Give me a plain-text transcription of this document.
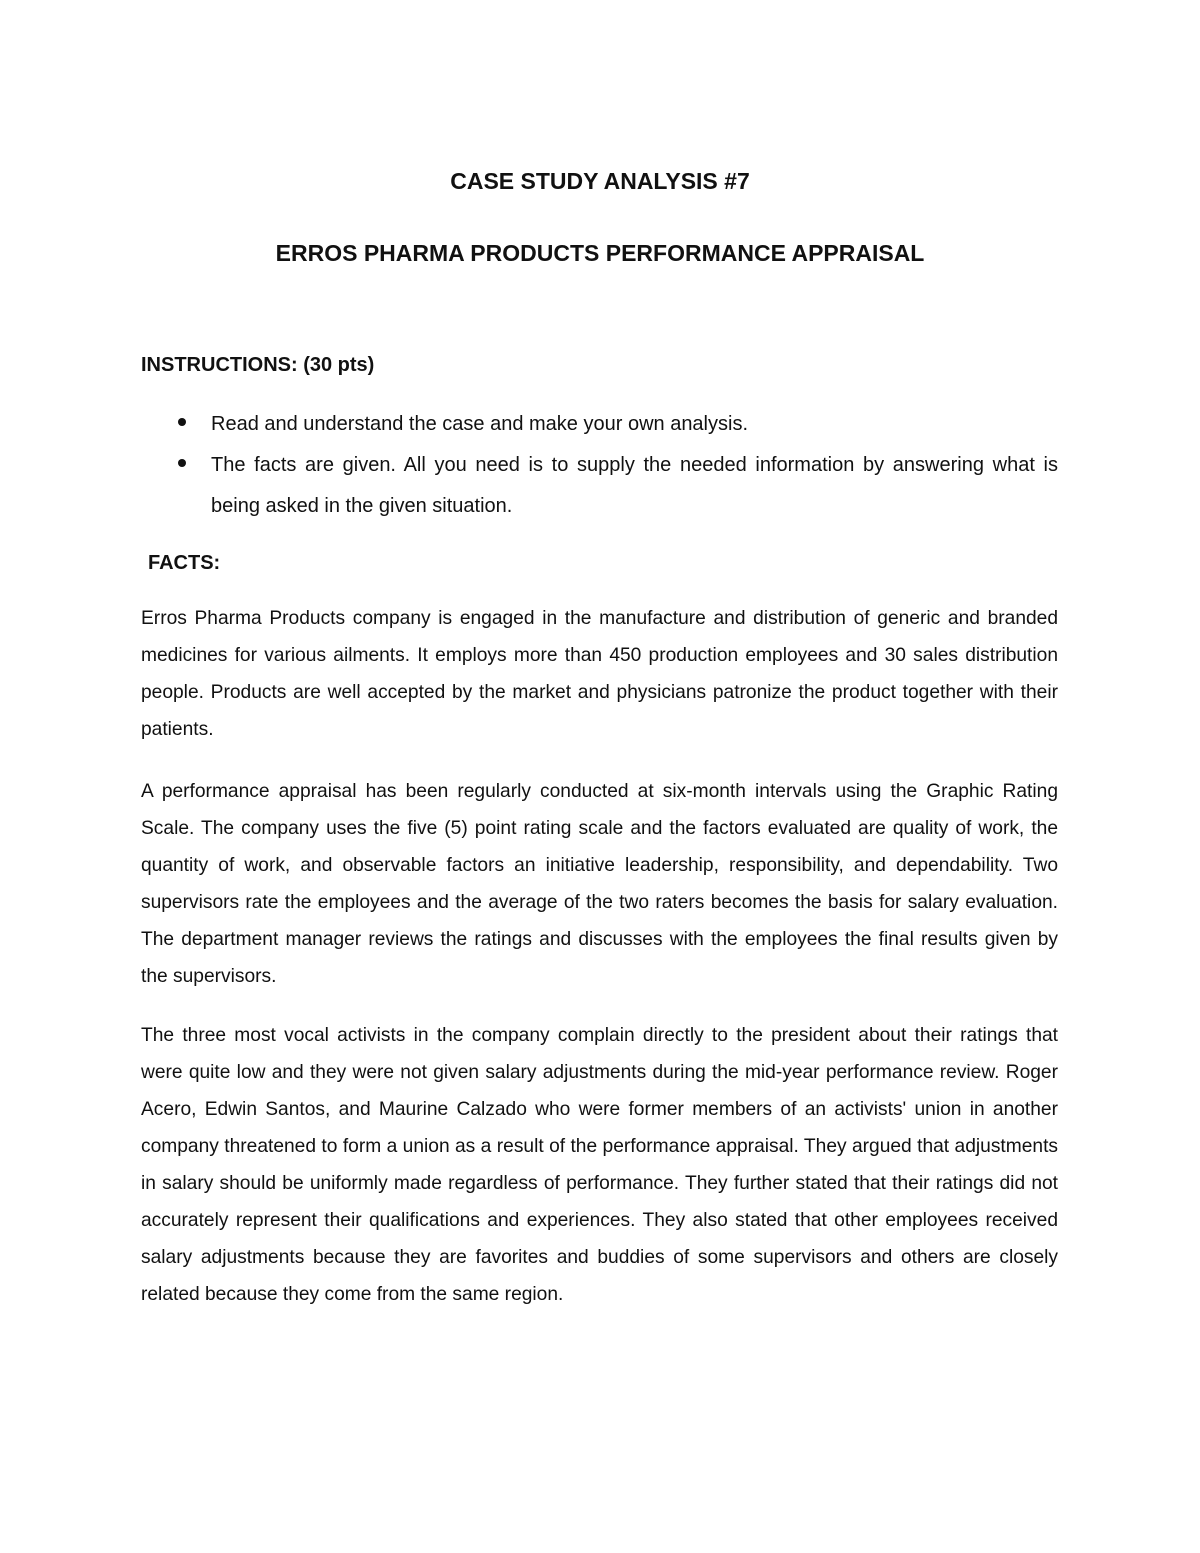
CASE STUDY ANALYSIS #7
ERROS PHARMA PRODUCTS PERFORMANCE APPRAISAL
INSTRUCTIONS: (30 pts)
Read and understand the case and make your own analysis.
The facts are given. All you need is to supply the needed information by answering what is being asked in the given situation.
FACTS:

Erros Pharma Products company is engaged in the manufacture and distribution of generic and branded medicines for various ailments. It employs more than 450 production employees and 30 sales distribution people. Products are well accepted by the market and physicians patronize the product together with their patients.

A performance appraisal has been regularly conducted at six-month intervals using the Graphic Rating Scale. The company uses the five (5) point rating scale and the factors evaluated are quality of work, the quantity of work, and observable factors an initiative leadership, responsibility, and dependability. Two supervisors rate the employees and the average of the two raters becomes the basis for salary evaluation. The department manager reviews the ratings and discusses with the employees the final results given by the supervisors.

The three most vocal activists in the company complain directly to the president about their ratings that were quite low and they were not given salary adjustments during the mid-year performance review. Roger Acero, Edwin Santos, and Maurine Calzado who were former members of an activists' union in another company threatened to form a union as a result of the performance appraisal. They argued that adjustments in salary should be uniformly made regardless of performance. They further stated that their ratings did not accurately represent their qualifications and experiences. They also stated that other employees received salary adjustments because they are favorites and buddies of some supervisors and others are closely related because they come from the same region.
